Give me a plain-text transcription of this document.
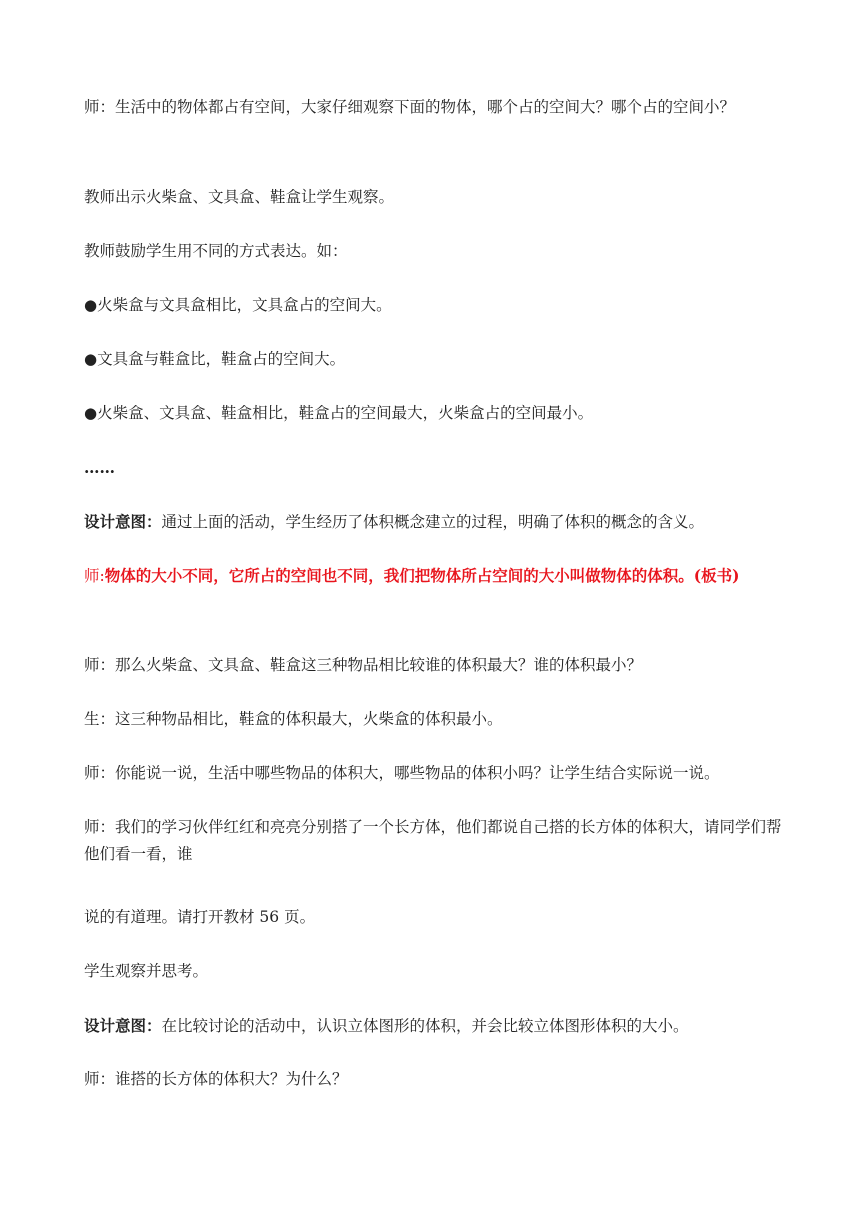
师：生活中的物体都占有空间，大家仔细观察下面的物体，哪个占的空间大？哪个占的空间小？
教师出示火柴盒、文具盒、鞋盒让学生观察。
教师鼓励学生用不同的方式表达。如：
●火柴盒与文具盒相比，文具盒占的空间大。
●文具盒与鞋盒比，鞋盒占的空间大。
●火柴盒、文具盒、鞋盒相比，鞋盒占的空间最大，火柴盒占的空间最小。
……
设计意图：通过上面的活动，学生经历了体积概念建立的过程，明确了体积的概念的含义。
师:物体的大小不同，它所占的空间也不同，我们把物体所占空间的大小叫做物体的体积。(板书)
师：那么火柴盒、文具盒、鞋盒这三种物品相比较谁的体积最大？谁的体积最小？
生：这三种物品相比，鞋盒的体积最大，火柴盒的体积最小。
师：你能说一说，生活中哪些物品的体积大，哪些物品的体积小吗？让学生结合实际说一说。
师：我们的学习伙伴红红和亮亮分别搭了一个长方体，他们都说自己搭的长方体的体积大，请同学们帮他们看一看，谁
说的有道理。请打开教材 56 页。
学生观察并思考。
设计意图：在比较讨论的活动中，认识立体图形的体积，并会比较立体图形体积的大小。
师：谁搭的长方体的体积大？为什么？
